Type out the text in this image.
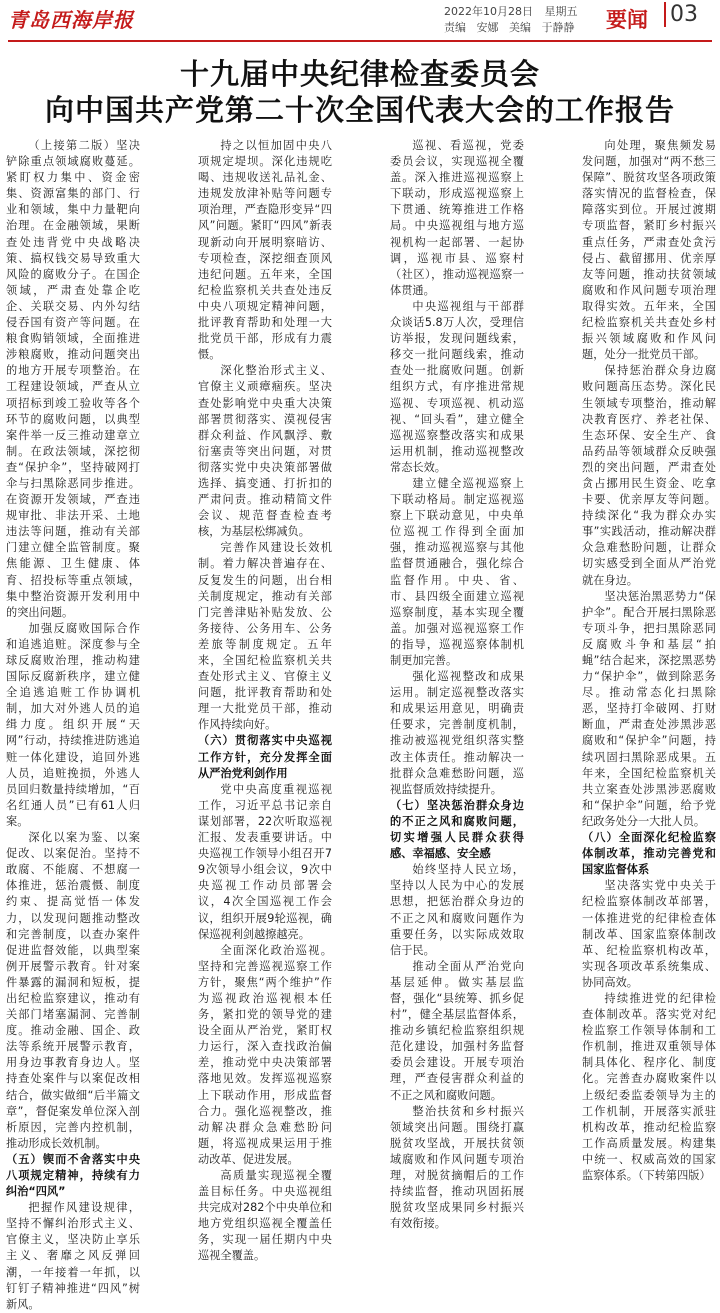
青岛西海岸报	2022年10月28日 星期五
责编 安娜 美编 于静静	要闻 03
十九届中央纪律检查委员会
向中国共产党第二十次全国代表大会的工作报告

（上接第二版）坚决铲除重点领域腐败蔓延。紧盯权力集中、资金密集、资源富集的部门、行业和领域，集中力量靶向治理。在金融领域，果断查处违背党中央战略决策、搞权钱交易导致重大风险的腐败分子。在国企领域，严肃查处靠企吃企、关联交易、内外勾结侵吞国有资产等问题。在粮食购销领域，全面推进涉粮腐败，推动问题突出的地方开展专项整治。在工程建设领域，严查从立项招标到竣工验收等各个环节的腐败问题，以典型案件举一反三推动建章立制。在政法领域，深挖彻查“保护伞”，坚持破网打伞与扫黑除恶同步推进。在资源开发领域，严查违规审批、非法开采、土地违法等问题，推动有关部门建立健全监管制度。聚焦能源、卫生健康、体育、招投标等重点领域，集中整治资源开发利用中的突出问题。

加强反腐败国际合作和追逃追赃。深度参与全球反腐败治理，推动构建国际反腐新秩序，建立健全追逃追赃工作协调机制，加大对外逃人员的追缉力度。组织开展“天网”行动，持续推进防逃追赃一体化建设，追回外逃人员，追赃挽损，外逃人员回归数量持续增加，“百名红通人员”已有61人归案。

深化以案为鉴、以案促改、以案促治。坚持不敢腐、不能腐、不想腐一体推进，惩治震慑、制度约束、提高觉悟一体发力，以发现问题推动整改和完善制度，以查办案件促进监督效能，以典型案例开展警示教育。针对案件暴露的漏洞和短板，提出纪检监察建议，推动有关部门堵塞漏洞、完善制度。推动金融、国企、政法等系统开展警示教育，用身边事教育身边人。坚持查处案件与以案促改相结合，做实做细“后半篇文章”，督促案发单位深入剖析原因，完善内控机制，推动形成长效机制。

（五）锲而不舍落实中央八项规定精神，持续有力纠治“四风”

把握作风建设规律，坚持不懈纠治形式主义、官僚主义，坚决防止享乐主义、奢靡之风反弹回潮，一年接着一年抓，以钉钉子精神推进“四风”树新风。

持之以恒加固中央八项规定堤坝。深化违规吃喝、违规收送礼品礼金、违规发放津补贴等问题专项治理，严查隐形变异“四风”问题。紧盯“四风”新表现新动向开展明察暗访、专项检查，深挖细查顶风违纪问题。五年来，全国纪检监察机关共查处违反中央八项规定精神问题，批评教育帮助和处理一大批党员干部，形成有力震慑。

深化整治形式主义、官僚主义顽瘴痼疾。坚决查处影响党中央重大决策部署贯彻落实、漠视侵害群众利益、作风飘浮、敷衍塞责等突出问题，对贯彻落实党中央决策部署做选择、搞变通、打折扣的严肃问责。推动精简文件会议、规范督查检查考核，为基层松绑减负。

完善作风建设长效机制。着力解决普遍存在、反复发生的问题，出台相关制度规定，推动有关部门完善津贴补贴发放、公务接待、公务用车、公务差旅等制度规定。五年来，全国纪检监察机关共查处形式主义、官僚主义问题，批评教育帮助和处理一大批党员干部，推动作风持续向好。

（六）贯彻落实中央巡视工作方针，充分发挥全面从严治党利剑作用

党中央高度重视巡视工作，习近平总书记亲自谋划部署，22次听取巡视汇报、发表重要讲话。中央巡视工作领导小组召开79次领导小组会议，9次中央巡视工作动员部署会议，4次全国巡视工作会议，组织开展9轮巡视，确保巡视利剑越擦越亮。

全面深化政治巡视。坚持和完善巡视巡察工作方针，聚焦“两个维护”作为巡视政治巡视根本任务，紧扣党的领导党的建设全面从严治党，紧盯权力运行，深入查找政治偏差，推动党中央决策部署落地见效。发挥巡视巡察上下联动作用，形成监督合力。强化巡视整改，推动解决群众急难愁盼问题，将巡视成果运用于推动改革、促进发展。

高质量实现巡视全覆盖目标任务。中央巡视组共完成对282个中央单位和地方党组织巡视全覆盖任务，实现一届任期内中央巡视全覆盖。

巡视、看巡视，党委委员会议，实现巡视全覆盖。深入推进巡视巡察上下联动，形成巡视巡察上下贯通、统筹推进工作格局。中央巡视组与地方巡视机构一起部署、一起协调，巡视市县、巡察村（社区），推动巡视巡察一体贯通。

中央巡视组与干部群众谈话5.8万人次，受理信访举报，发现问题线索，移交一批问题线索，推动查处一批腐败问题。创新组织方式，有序推进常规巡视、专项巡视、机动巡视、“回头看”，建立健全巡视巡察整改落实和成果运用机制，推动巡视整改常态长效。

建立健全巡视巡察上下联动格局。制定巡视巡察上下联动意见，中央单位巡视工作得到全面加强，推动巡视巡察与其他监督贯通融合，强化综合监督作用。中央、省、市、县四级全面建立巡视巡察制度，基本实现全覆盖。加强对巡视巡察工作的指导，巡视巡察体制机制更加完善。

强化巡视整改和成果运用。制定巡视整改落实和成果运用意见，明确责任要求，完善制度机制，推动被巡视党组织落实整改主体责任。推动解决一批群众急难愁盼问题，巡视监督质效持续提升。

（七）坚决惩治群众身边的不正之风和腐败问题，切实增强人民群众获得感、幸福感、安全感

始终坚持人民立场，坚持以人民为中心的发展思想，把惩治群众身边的不正之风和腐败问题作为重要任务，以实际成效取信于民。

推动全面从严治党向基层延伸。做实基层监督，强化“县统筹、抓乡促村”，健全基层监督体系，推动乡镇纪检监察组织规范化建设，加强村务监督委员会建设。开展专项治理，严查侵害群众利益的不正之风和腐败问题。

整治扶贫和乡村振兴领域突出问题。围绕打赢脱贫攻坚战，开展扶贫领域腐败和作风问题专项治理，对脱贫摘帽后的工作持续监督，推动巩固拓展脱贫攻坚成果同乡村振兴有效衔接。

向处理，聚焦频发易发问题，加强对“两不愁三保障”、脱贫攻坚各项政策落实情况的监督检查，保障落实到位。开展过渡期专项监督，紧盯乡村振兴重点任务，严肃查处贪污侵占、截留挪用、优亲厚友等问题，推动扶贫领域腐败和作风问题专项治理取得实效。五年来，全国纪检监察机关共查处乡村振兴领域腐败和作风问题，处分一批党员干部。

保持惩治群众身边腐败问题高压态势。深化民生领域专项整治，推动解决教育医疗、养老社保、生态环保、安全生产、食品药品等领域群众反映强烈的突出问题，严肃查处贪占挪用民生资金、吃拿卡要、优亲厚友等问题。持续深化“我为群众办实事”实践活动，推动解决群众急难愁盼问题，让群众切实感受到全面从严治党就在身边。

坚决惩治黑恶势力“保护伞”。配合开展扫黑除恶专项斗争，把扫黑除恶同反腐败斗争和基层“拍蝇”结合起来，深挖黑恶势力“保护伞”，做到除恶务尽。推动常态化扫黑除恶，坚持打伞破网、打财断血，严肃查处涉黑涉恶腐败和“保护伞”问题，持续巩固扫黑除恶成果。五年来，全国纪检监察机关共立案查处涉黑涉恶腐败和“保护伞”问题，给予党纪政务处分一大批人员。

（八）全面深化纪检监察体制改革，推动完善党和国家监督体系

坚决落实党中央关于纪检监察体制改革部署，一体推进党的纪律检查体制改革、国家监察体制改革、纪检监察机构改革，实现各项改革系统集成、协同高效。

持续推进党的纪律检查体制改革。落实党对纪检监察工作领导体制和工作机制，推进双重领导体制具体化、程序化、制度化。完善查办腐败案件以上级纪委监委领导为主的工作机制，开展落实派驻机构改革，推动纪检监察工作高质量发展。构建集中统一、权威高效的国家监察体系。（下转第四版）
